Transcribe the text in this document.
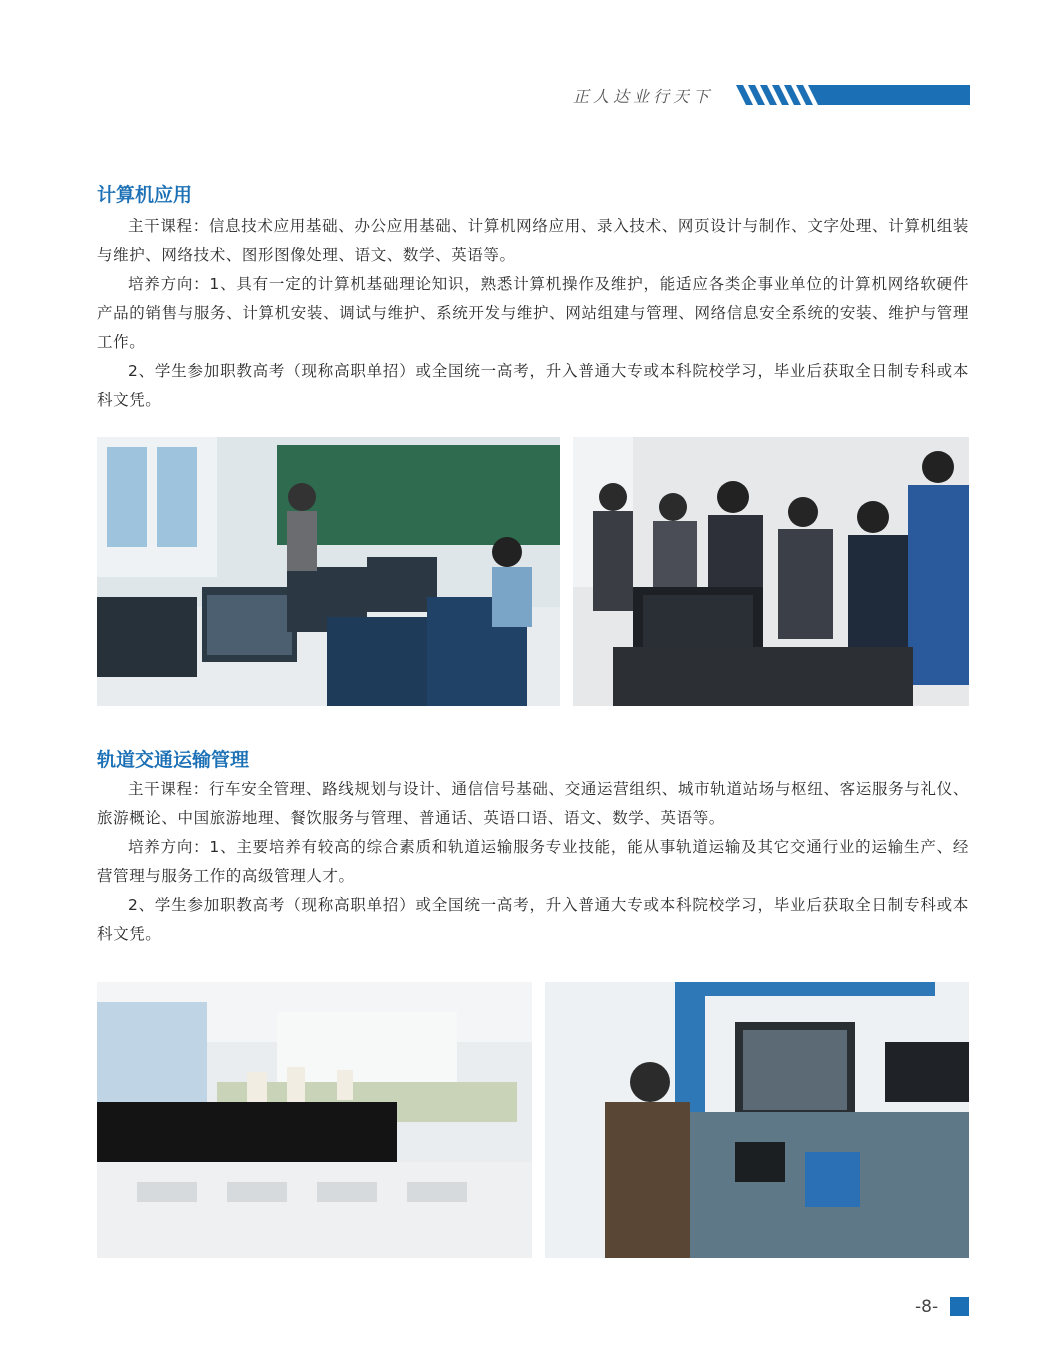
正人达业行天下
计算机应用

主干课程：信息技术应用基础、办公应用基础、计算机网络应用、录入技术、网页设计与制作、文字处理、计算机组装与维护、网络技术、图形图像处理、语文、数学、英语等。

培养方向：1、具有一定的计算机基础理论知识，熟悉计算机操作及维护，能适应各类企事业单位的计算机网络软硬件产品的销售与服务、计算机安装、调试与维护、系统开发与维护、网站组建与管理、网络信息安全系统的安装、维护与管理工作。

2、学生参加职教高考（现称高职单招）或全国统一高考，升入普通大专或本科院校学习，毕业后获取全日制专科或本科文凭。

轨道交通运输管理

主干课程：行车安全管理、路线规划与设计、通信信号基础、交通运营组织、城市轨道站场与枢纽、客运服务与礼仪、旅游概论、中国旅游地理、餐饮服务与管理、普通话、英语口语、语文、数学、英语等。

培养方向：1、主要培养有较高的综合素质和轨道运输服务专业技能，能从事轨道运输及其它交通行业的运输生产、经营管理与服务工作的高级管理人才。

2、学生参加职教高考（现称高职单招）或全国统一高考，升入普通大专或本科院校学习，毕业后获取全日制专科或本科文凭。

-8-
